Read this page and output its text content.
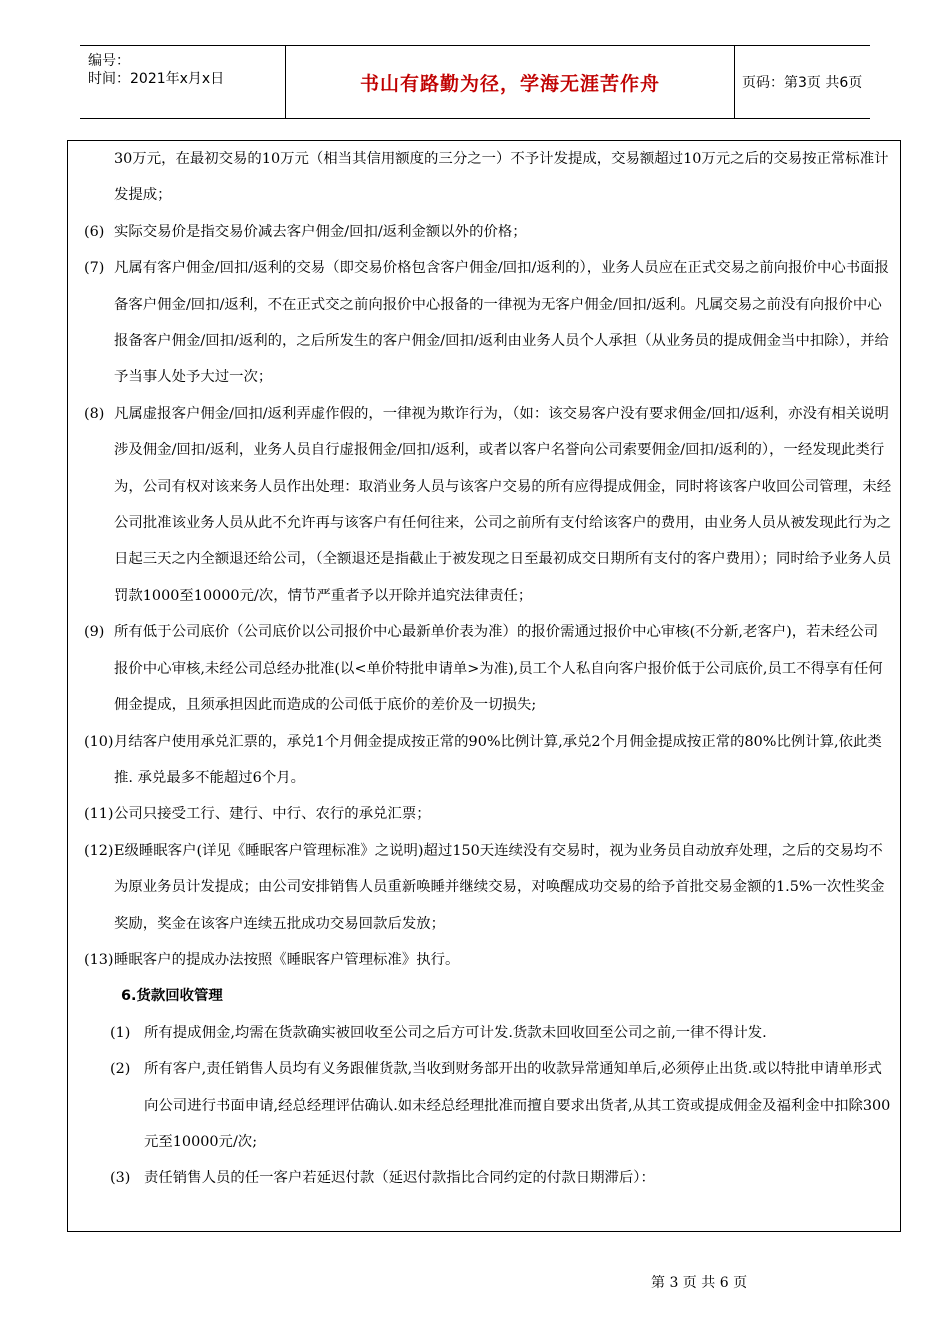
编号：
时间：2021年x月x日	书山有路勤为径，学海无涯苦作舟	页码：第3页 共6页

30万元，在最初交易的10万元（相当其信用额度的三分之一）不予计发提成，交易额超过10万元之后的交易按正常标准计发提成；

(6) 实际交易价是指交易价减去客户佣金/回扣/返利金额以外的价格；

(7) 凡属有客户佣金/回扣/返利的交易（即交易价格包含客户佣金/回扣/返利的），业务人员应在正式交易之前向报价中心书面报备客户佣金/回扣/返利，不在正式交之前向报价中心报备的一律视为无客户佣金/回扣/返利。凡属交易之前没有向报价中心报备客户佣金/回扣/返利的，之后所发生的客户佣金/回扣/返利由业务人员个人承担（从业务员的提成佣金当中扣除），并给予当事人处予大过一次；

(8) 凡属虚报客户佣金/回扣/返利弄虚作假的，一律视为欺诈行为，（如：该交易客户没有要求佣金/回扣/返利，亦没有相关说明涉及佣金/回扣/返利，业务人员自行虚报佣金/回扣/返利，或者以客户名誉向公司索要佣金/回扣/返利的），一经发现此类行为，公司有权对该来务人员作出处理：取消业务人员与该客户交易的所有应得提成佣金，同时将该客户收回公司管理，未经公司批准该业务人员从此不允许再与该客户有任何往来，公司之前所有支付给该客户的费用，由业务人员从被发现此行为之日起三天之内全额退还给公司，（全额退还是指截止于被发现之日至最初成交日期所有支付的客户费用）；同时给予业务人员罚款1000至10000元/次，情节严重者予以开除并追究法律责任；

(9) 所有低于公司底价（公司底价以公司报价中心最新单价表为准）的报价需通过报价中心审核(不分新,老客户)，若未经公司报价中心审核,未经公司总经办批准(以<单价特批申请单>为准),员工个人私自向客户报价低于公司底价,员工不得享有任何佣金提成，且须承担因此而造成的公司低于底价的差价及一切损失;

(10) 月结客户使用承兑汇票的，承兑1个月佣金提成按正常的90%比例计算,承兑2个月佣金提成按正常的80%比例计算,依此类推. 承兑最多不能超过6个月。

(11) 公司只接受工行、建行、中行、农行的承兑汇票；

(12) E级睡眠客户(详见《睡眠客户管理标准》之说明)超过150天连续没有交易时，视为业务员自动放弃处理，之后的交易均不为原业务员计发提成；由公司安排销售人员重新唤睡并继续交易，对唤醒成功交易的给予首批交易金额的1.5%一次性奖金奖励，奖金在该客户连续五批成功交易回款后发放；

(13) 睡眠客户的提成办法按照《睡眠客户管理标准》执行。

6.货款回收管理

(1) 所有提成佣金,均需在货款确实被回收至公司之后方可计发.货款未回收回至公司之前,一律不得计发.

(2) 所有客户,责任销售人员均有义务跟催货款,当收到财务部开出的收款异常通知单后,必须停止出货.或以特批申请单形式向公司进行书面申请,经总经理评估确认.如未经总经理批准而擅自要求出货者,从其工资或提成佣金及福利金中扣除300元至10000元/次;

(3) 责任销售人员的任一客户若延迟付款（延迟付款指比合同约定的付款日期滞后）：

第 3 页 共 6 页
